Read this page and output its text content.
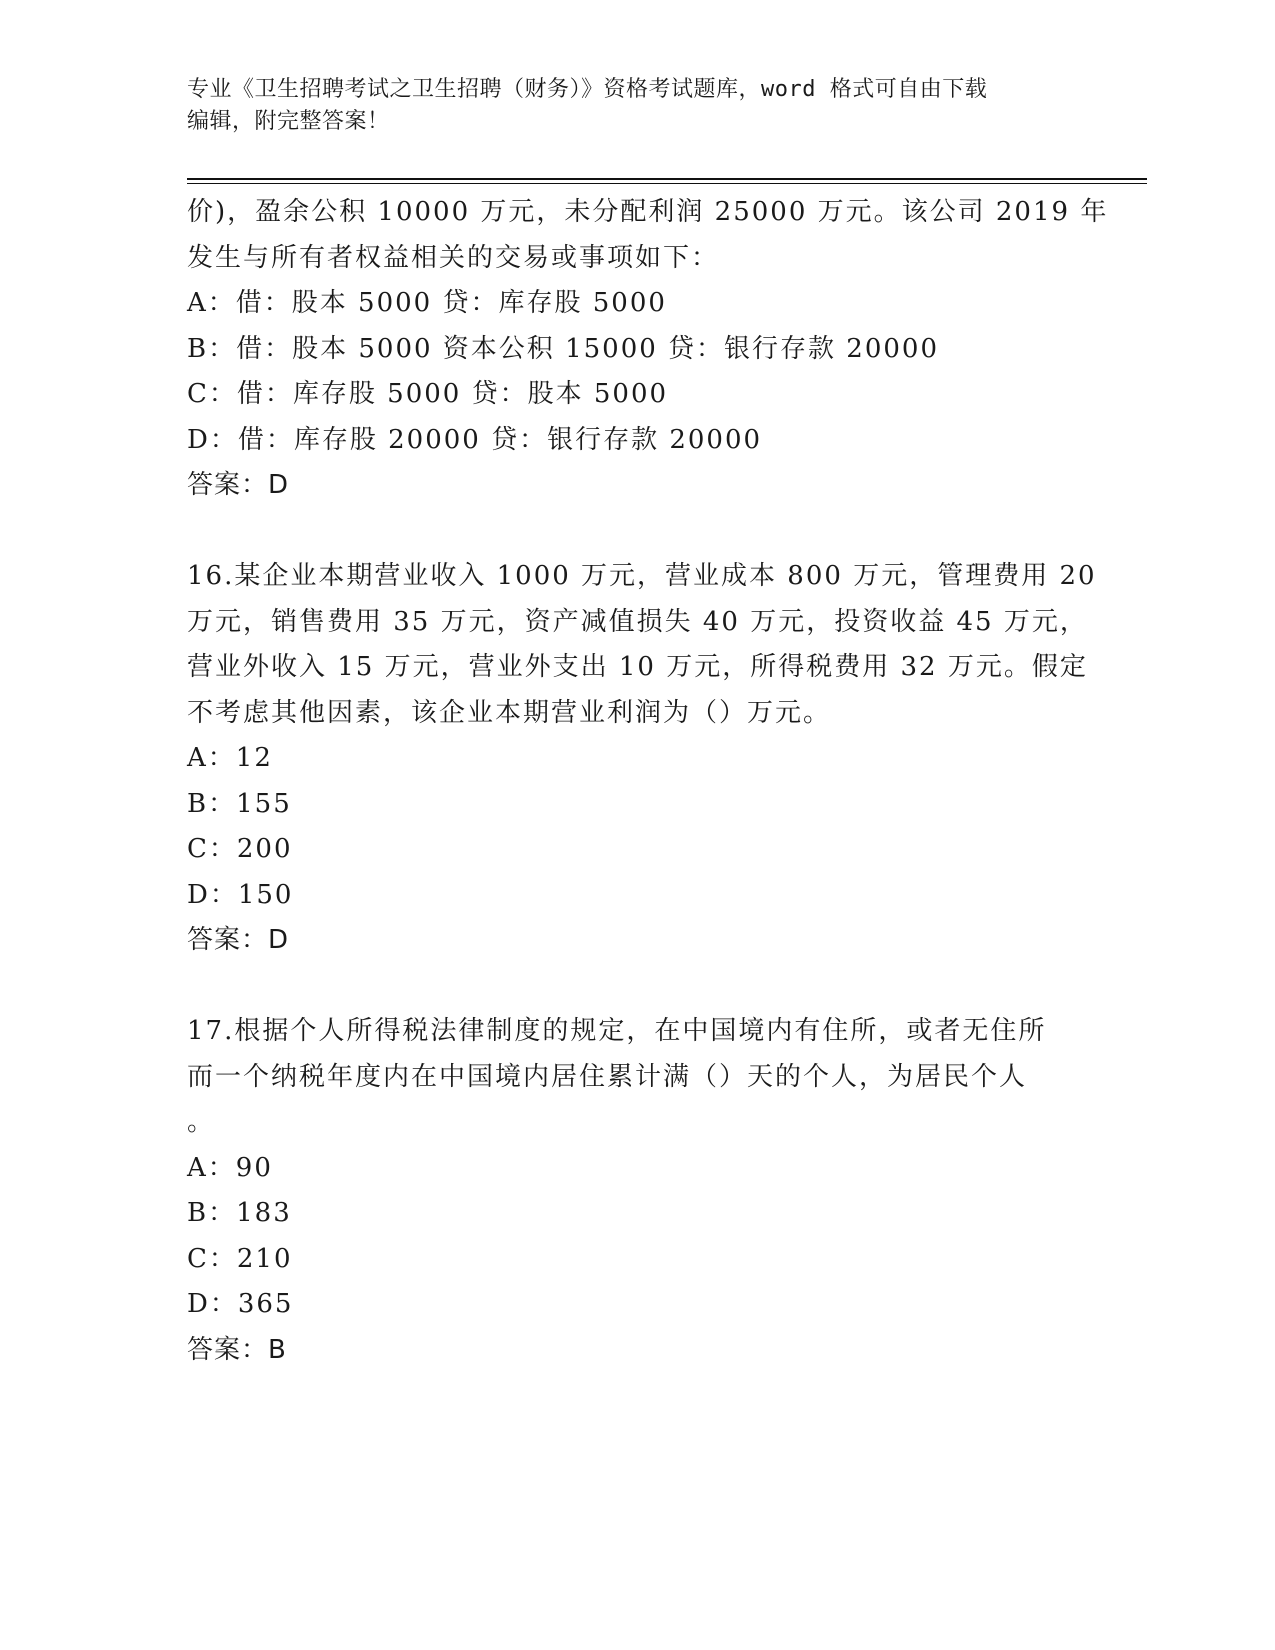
专业《卫生招聘考试之卫生招聘（财务）》资格考试题库，word 格式可自由下载
编辑，附完整答案！
价)，盈余公积 10000 万元，未分配利润 25000 万元。该公司 2019 年
发生与所有者权益相关的交易或事项如下：
A：借：股本 5000 贷：库存股 5000
B：借：股本 5000 资本公积 15000 贷：银行存款 20000
C：借：库存股 5000 贷：股本 5000
D：借：库存股 20000 贷：银行存款 20000
答案：D
16.某企业本期营业收入 1000 万元，营业成本 800 万元，管理费用 20
万元，销售费用 35 万元，资产减值损失 40 万元，投资收益 45 万元，
营业外收入 15 万元，营业外支出 10 万元，所得税费用 32 万元。假定
不考虑其他因素，该企业本期营业利润为（）万元。
A：12
B：155
C：200
D：150
答案：D
17.根据个人所得税法律制度的规定，在中国境内有住所，或者无住所
而一个纳税年度内在中国境内居住累计满（）天的个人，为居民个人
。
A：90
B：183
C：210
D：365
答案：B
